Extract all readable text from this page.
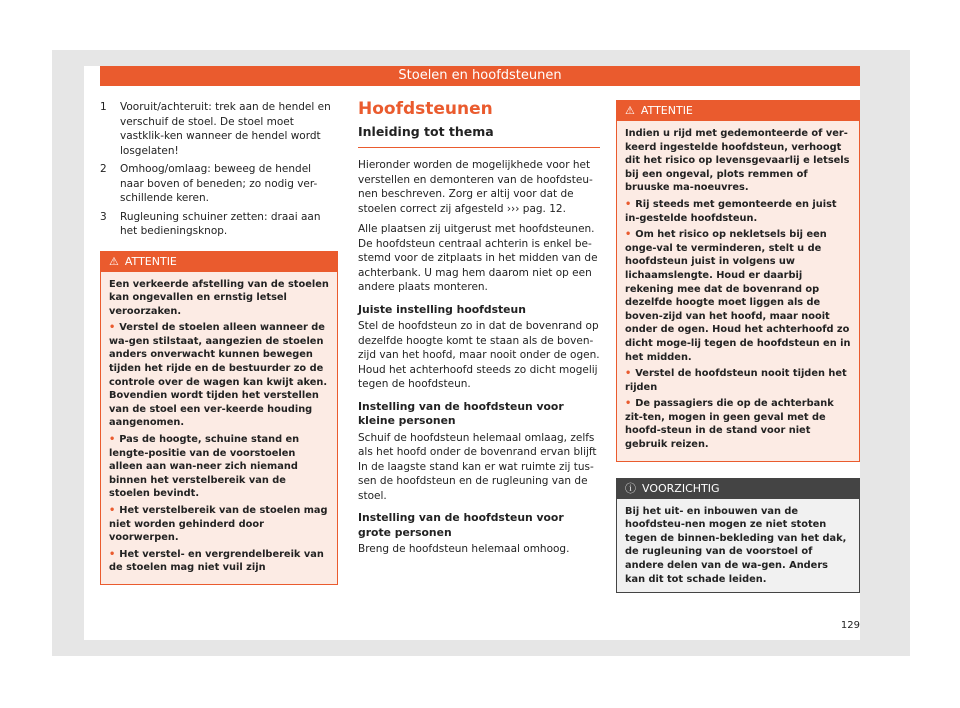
Stoelen en hoofdsteunen
1	Vooruit/achteruit: trek aan de hendel en verschuif de stoel. De stoel moet vastklik-ken wanneer de hendel wordt losgelaten!
2	Omhoog/omlaag: beweeg de hendel naar boven of beneden; zo nodig ver-schillende keren.
3	Rugleuning schuiner zetten: draai aan het bedieningsknop.
⚠ ATTENTIE

Een verkeerde afstelling van de stoelen kan ongevallen en ernstig letsel veroorzaken.

• Verstel de stoelen alleen wanneer de wa-gen stilstaat, aangezien de stoelen anders onverwacht kunnen bewegen tijden het rijde en de bestuurder zo de controle over de wagen kan kwijt aken. Bovendien wordt tijden het verstellen van de stoel een ver-keerde houding aangenomen.

• Pas de hoogte, schuine stand en lengte-positie van de voorstoelen alleen aan wan-neer zich niemand binnen het verstelbereik van de stoelen bevindt.

• Het verstelbereik van de stoelen mag niet worden gehinderd door voorwerpen.

• Het verstel- en vergrendelbereik van de stoelen mag niet vuil zijn

Hoofdsteunen
Inleiding tot thema

Hieronder worden de mogelijkhede voor het verstellen en demonteren van de hoofdsteu-nen beschreven. Zorg er altij voor dat de stoelen correct zij afgesteld ››› pag. 12.

Alle plaatsen zij uitgerust met hoofdsteunen. De hoofdsteun centraal achterin is enkel be-stemd voor de zitplaats in het midden van de achterbank. U mag hem daarom niet op een andere plaats monteren.

Juiste instelling hoofdsteun

Stel de hoofdsteun zo in dat de bovenrand op dezelfde hoogte komt te staan als de boven-zijd van het hoofd, maar nooit onder de ogen. Houd het achterhoofd steeds zo dicht mogelij tegen de hoofdsteun.

Instelling van de hoofdsteun voor kleine personen

Schuif de hoofdsteun helemaal omlaag, zelfs als het hoofd onder de bovenrand ervan blijft In de laagste stand kan er wat ruimte zij tus-sen de hoofdsteun en de rugleuning van de stoel.

Instelling van de hoofdsteun voor grote personen

Breng de hoofdsteun helemaal omhoog.

⚠ ATTENTIE

Indien u rijd met gedemonteerde of ver-keerd ingestelde hoofdsteun, verhoogt dit het risico op levensgevaarlij e letsels bij een ongeval, plots remmen of bruuske ma-noeuvres.

• Rij steeds met gemonteerde en juist in-gestelde hoofdsteun.

• Om het risico op nekletsels bij een onge-val te verminderen, stelt u de hoofdsteun juist in volgens uw lichaamslengte. Houd er daarbij rekening mee dat de bovenrand op dezelfde hoogte moet liggen als de boven-zijd van het hoofd, maar nooit onder de ogen. Houd het achterhoofd zo dicht moge-lij tegen de hoofdsteun en in het midden.

• Verstel de hoofdsteun nooit tijden het rijden

• De passagiers die op de achterbank zit-ten, mogen in geen geval met de hoofd-steun in de stand voor niet gebruik reizen.

ⓘ VOORZICHTIG
Bij het uit- en inbouwen van de hoofdsteu-nen mogen ze niet stoten tegen de binnen-bekleding van het dak, de rugleuning van de voorstoel of andere delen van de wa-gen. Anders kan dit tot schade leiden.
129
